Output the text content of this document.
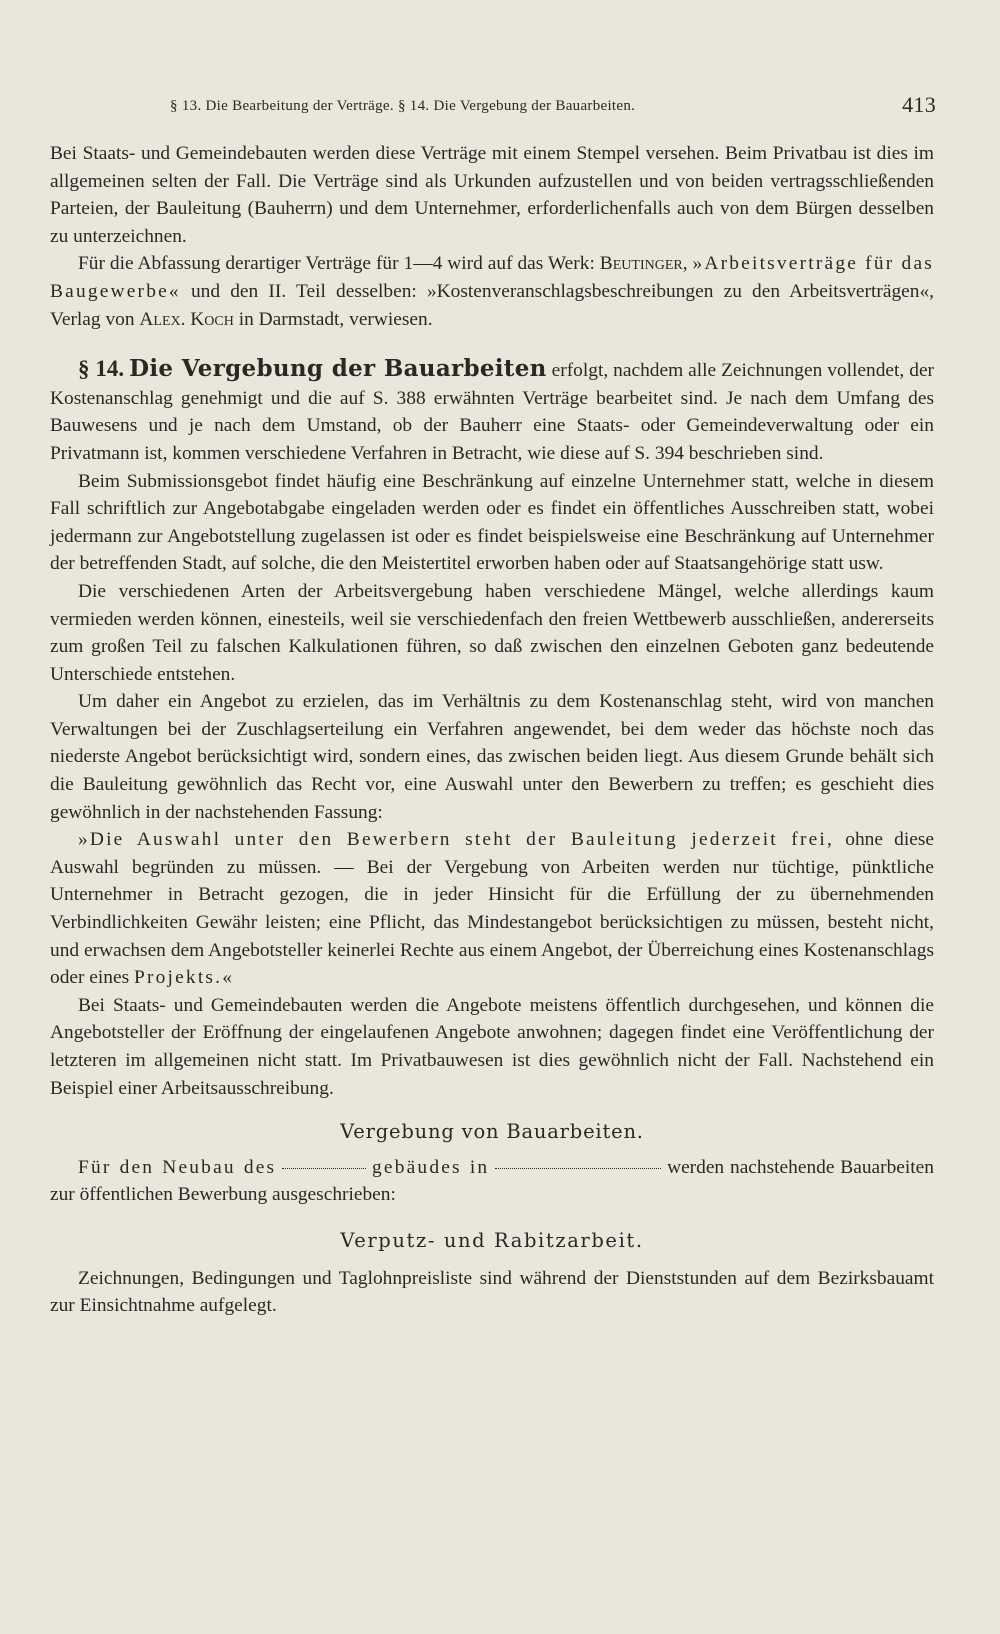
§ 13. Die Bearbeitung der Verträge. § 14. Die Vergebung der Bauarbeiten.	413

Bei Staats- und Gemeindebauten werden diese Verträge mit einem Stempel versehen. Beim Privatbau ist dies im allgemeinen selten der Fall. Die Verträge sind als Urkunden aufzustellen und von beiden vertragsschließenden Parteien, der Bauleitung (Bauherrn) und dem Unternehmer, erforderlichenfalls auch von dem Bürgen desselben zu unterzeichnen.

Für die Abfassung derartiger Verträge für 1—4 wird auf das Werk: Beutinger, »Arbeitsverträge für das Baugewerbe« und den II. Teil desselben: »Kostenveranschlagsbeschreibungen zu den Arbeitsverträgen«, Verlag von Alex. Koch in Darmstadt, verwiesen.

§ 14. Die Vergebung der Bauarbeiten erfolgt, nachdem alle Zeichnungen vollendet, der Kostenanschlag genehmigt und die auf S. 388 erwähnten Verträge bearbeitet sind. Je nach dem Umfang des Bauwesens und je nach dem Umstand, ob der Bauherr eine Staats- oder Gemeindeverwaltung oder ein Privatmann ist, kommen verschiedene Verfahren in Betracht, wie diese auf S. 394 beschrieben sind.

Beim Submissionsgebot findet häufig eine Beschränkung auf einzelne Unternehmer statt, welche in diesem Fall schriftlich zur Angebotabgabe eingeladen werden oder es findet ein öffentliches Ausschreiben statt, wobei jedermann zur Angebotstellung zugelassen ist oder es findet beispielsweise eine Beschränkung auf Unternehmer der betreffenden Stadt, auf solche, die den Meistertitel erworben haben oder auf Staatsangehörige statt usw.

Die verschiedenen Arten der Arbeitsvergebung haben verschiedene Mängel, welche allerdings kaum vermieden werden können, einesteils, weil sie verschiedenfach den freien Wettbewerb ausschließen, andererseits zum großen Teil zu falschen Kalkulationen führen, so daß zwischen den einzelnen Geboten ganz bedeutende Unterschiede entstehen.

Um daher ein Angebot zu erzielen, das im Verhältnis zu dem Kostenanschlag steht, wird von manchen Verwaltungen bei der Zuschlagserteilung ein Verfahren angewendet, bei dem weder das höchste noch das niederste Angebot berücksichtigt wird, sondern eines, das zwischen beiden liegt. Aus diesem Grunde behält sich die Bauleitung gewöhnlich das Recht vor, eine Auswahl unter den Bewerbern zu treffen; es geschieht dies gewöhnlich in der nachstehenden Fassung:

»Die Auswahl unter den Bewerbern steht der Bauleitung jederzeit frei, ohne diese Auswahl begründen zu müssen. — Bei der Vergebung von Arbeiten werden nur tüchtige, pünktliche Unternehmer in Betracht gezogen, die in jeder Hinsicht für die Erfüllung der zu übernehmenden Verbindlichkeiten Gewähr leisten; eine Pflicht, das Mindestangebot berücksichtigen zu müssen, besteht nicht, und erwachsen dem Angebotsteller keinerlei Rechte aus einem Angebot, der Überreichung eines Kostenanschlags oder eines Projekts.«

Bei Staats- und Gemeindebauten werden die Angebote meistens öffentlich durchgesehen, und können die Angebotsteller der Eröffnung der eingelaufenen Angebote anwohnen; dagegen findet eine Veröffentlichung der letzteren im allgemeinen nicht statt. Im Privatbauwesen ist dies gewöhnlich nicht der Fall. Nachstehend ein Beispiel einer Arbeitsausschreibung.

Vergebung von Bauarbeiten.

Für den Neubau des	gebäudes in	werden nachstehende Bauarbeiten zur öffentlichen Bewerbung ausgeschrieben:

Verputz- und Rabitzarbeit.

Zeichnungen, Bedingungen und Taglohnpreisliste sind während der Dienststunden auf dem Bezirksbauamt zur Einsichtnahme aufgelegt.
